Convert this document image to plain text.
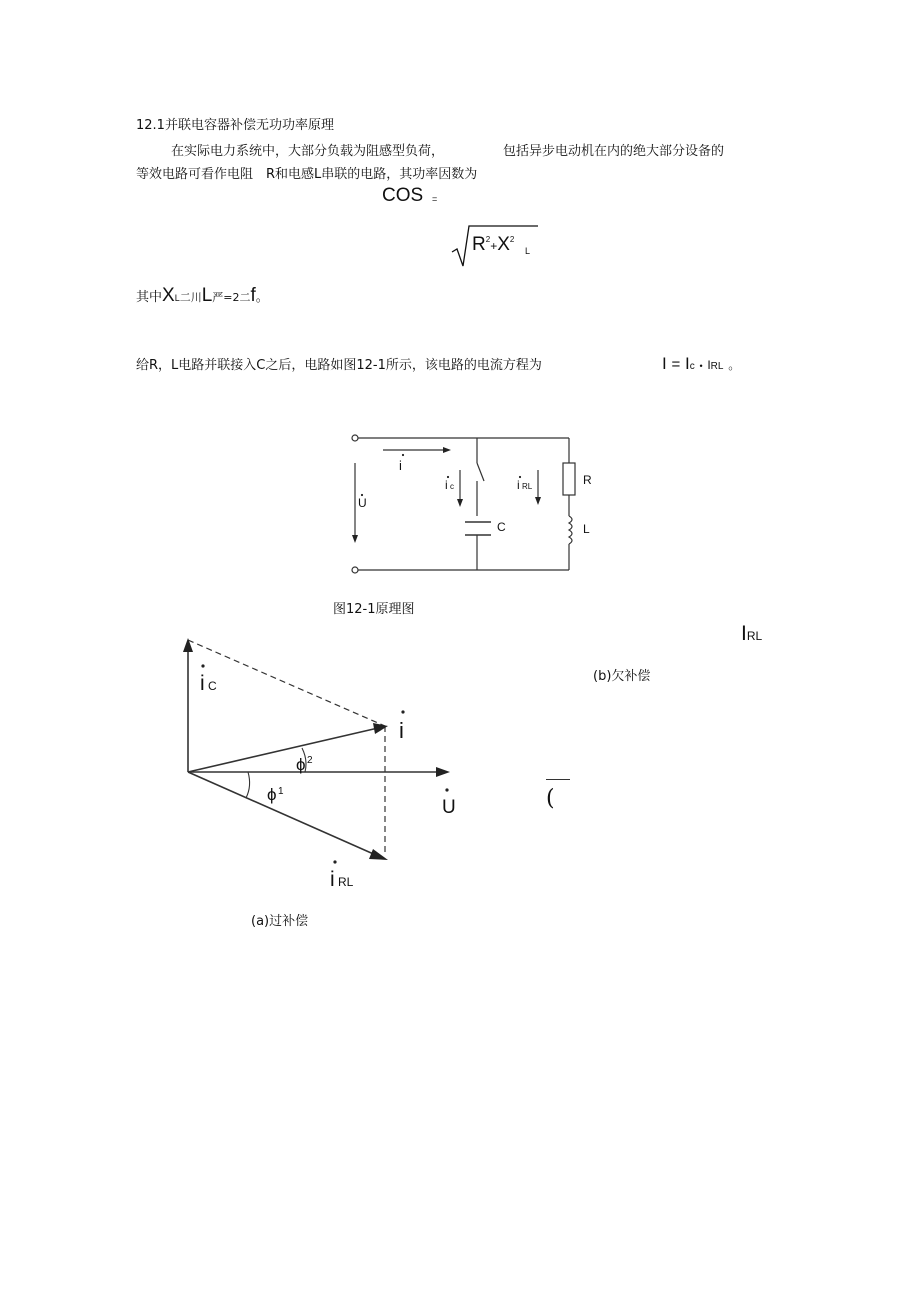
12.1并联电容器补偿无功功率原理
在实际电力系统中，大部分负载为阻感型负荷，	包括异步电动机在内的绝大部分设备的
等效电路可看作电阻　R和电感L串联的电路，其功率因数为
COS =
$R^2+X^2$
L
其中XL二川L严=2二f。
给R，L电路并联接入C之后，电路如图12-1所示，该电路的电流方程为	I = Ic • IRL 。
i
U
i c	i RL	R
L
C
图12-1原理图
i C
i
U
i RL
ϕ 2
ϕ 1
(a)过补偿
IRL
(b)欠补偿
(
